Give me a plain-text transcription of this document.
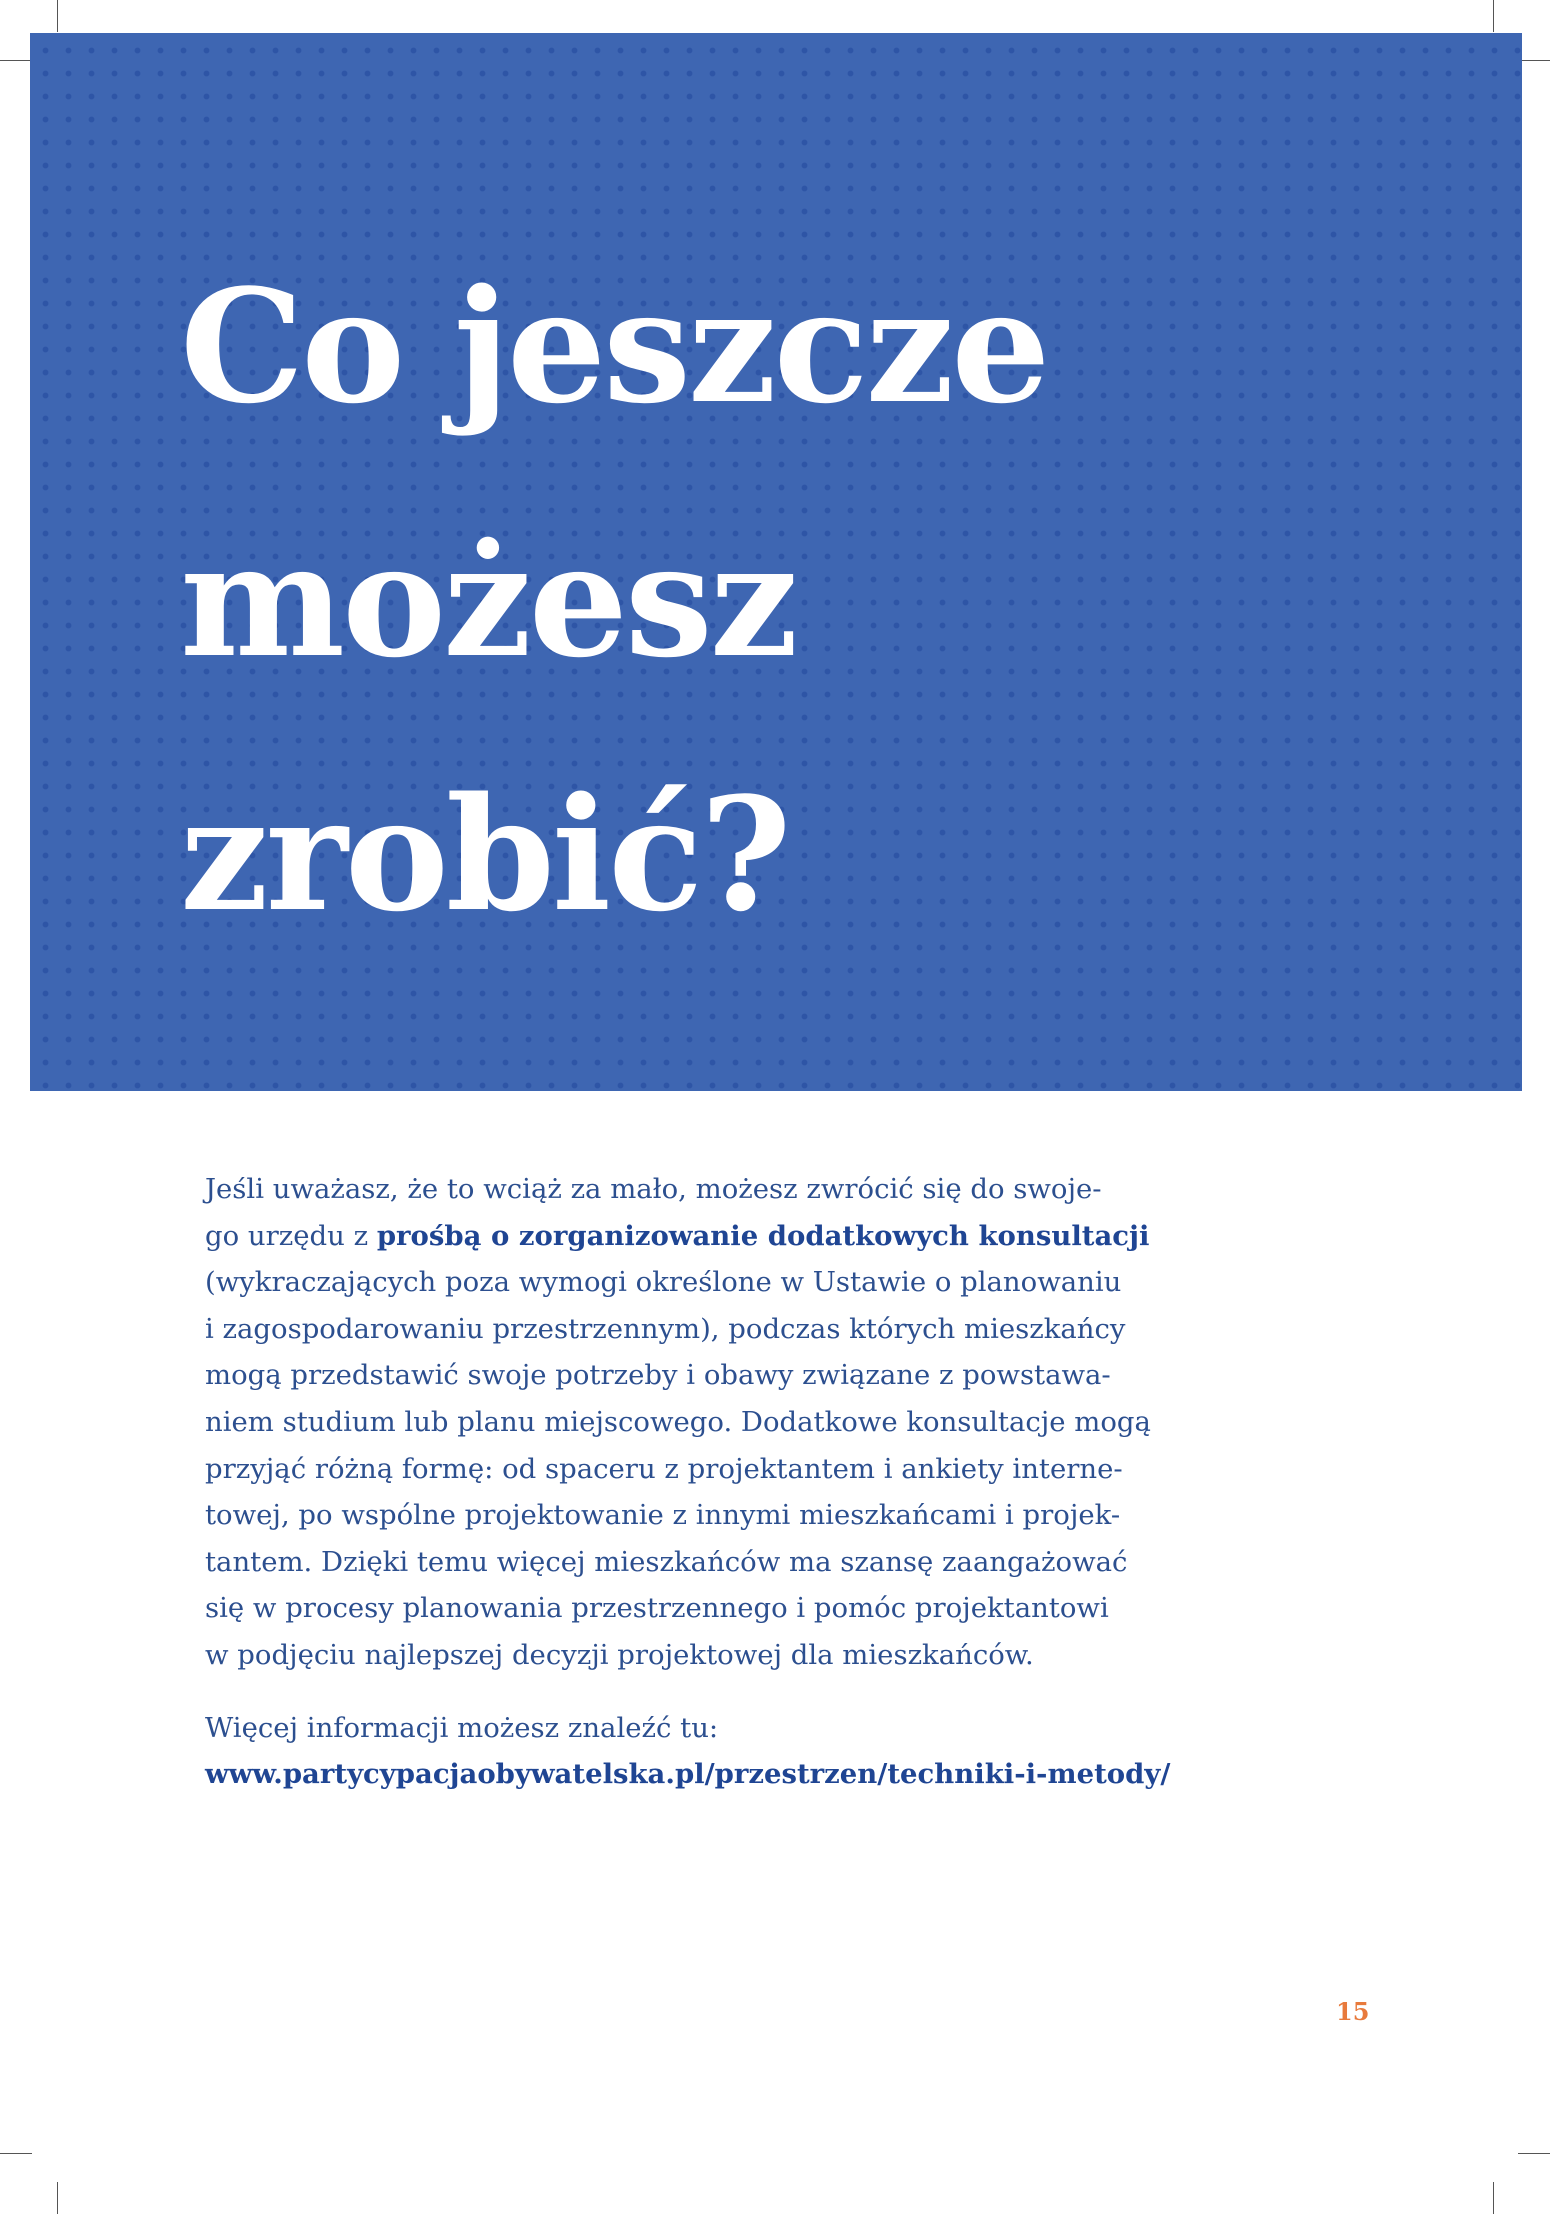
Co jeszcze
możesz
zrobić?

Jeśli uważasz, że to wciąż za mało, możesz zwrócić się do swoje-
go urzędu z prośbą o zorganizowanie dodatkowych konsultacji
(wykraczających poza wymogi określone w Ustawie o planowaniu
i zagospodarowaniu przestrzennym), podczas których mieszkańcy
mogą przedstawić swoje potrzeby i obawy związane z powstawa-
niem studium lub planu miejscowego. Dodatkowe konsultacje mogą
przyjąć różną formę: od spaceru z projektantem i ankiety interne-
towej, po wspólne projektowanie z innymi mieszkańcami i projek-
tantem. Dzięki temu więcej mieszkańców ma szansę zaangażować
się w procesy planowania przestrzennego i pomóc projektantowi
w podjęciu najlepszej decyzji projektowej dla mieszkańców.

Więcej informacji możesz znaleźć tu:
www.partycypacjaobywatelska.pl/przestrzen/techniki-i-metody/

15
